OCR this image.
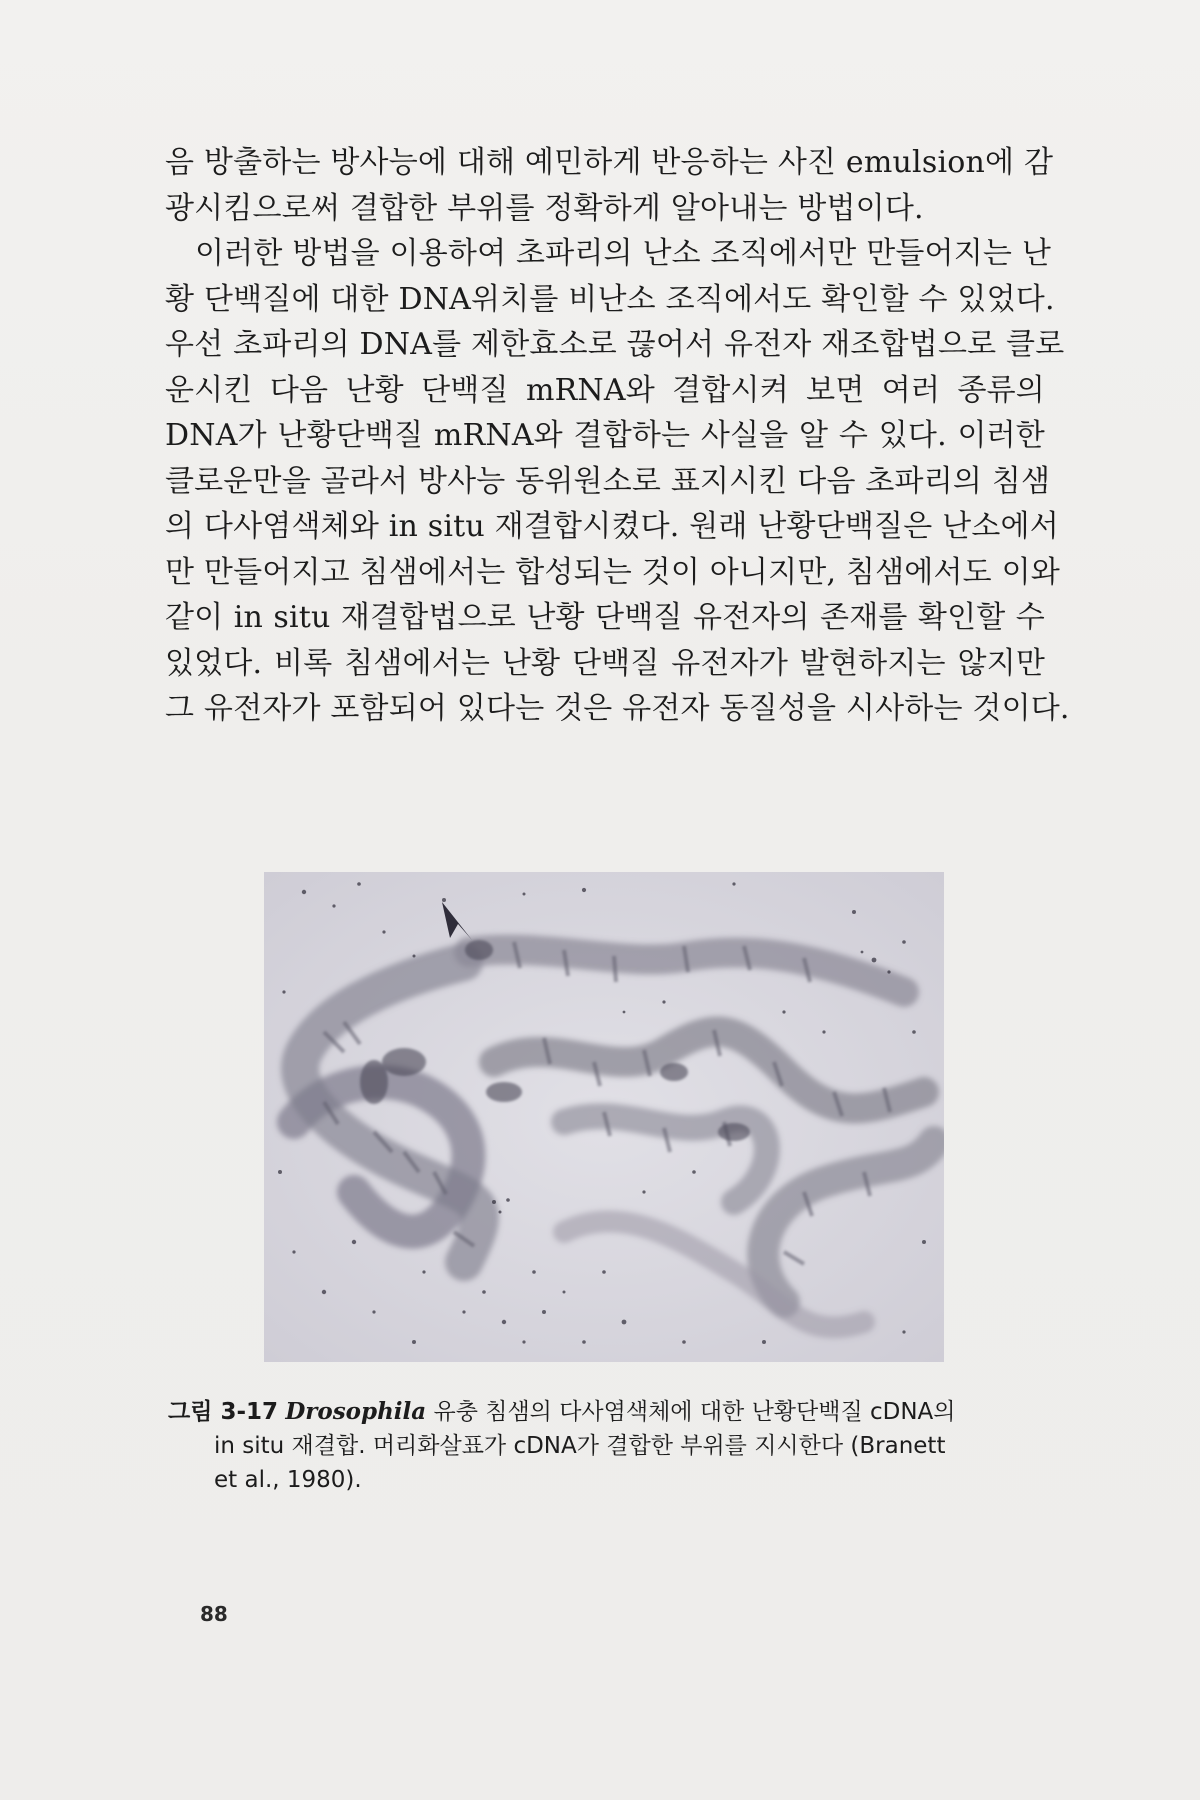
음 방출하는 방사능에 대해 예민하게 반응하는 사진 emulsion에 감
광시킴으로써 결합한 부위를 정확하게 알아내는 방법이다.
이러한 방법을 이용하여 초파리의 난소 조직에서만 만들어지는 난
황 단백질에 대한 DNA위치를 비난소 조직에서도 확인할 수 있었다.
우선 초파리의 DNA를 제한효소로 끊어서 유전자 재조합법으로 클로
운시킨 다음 난황 단백질 mRNA와 결합시켜 보면 여러 종류의
DNA가 난황단백질 mRNA와 결합하는 사실을 알 수 있다. 이러한
클로운만을 골라서 방사능 동위원소로 표지시킨 다음 초파리의 침샘
의 다사염색체와 in situ 재결합시켰다. 원래 난황단백질은 난소에서
만 만들어지고 침샘에서는 합성되는 것이 아니지만, 침샘에서도 이와
같이 in situ 재결합법으로 난황 단백질 유전자의 존재를 확인할 수
있었다. 비록 침샘에서는 난황 단백질 유전자가 발현하지는 않지만
그 유전자가 포함되어 있다는 것은 유전자 동질성을 시사하는 것이다.
그림 3-17 Drosophila 유충 침샘의 다사염색체에 대한 난황단백질 cDNA의
in situ 재결합. 머리화살표가 cDNA가 결합한 부위를 지시한다 (Branett
et al., 1980).
88
